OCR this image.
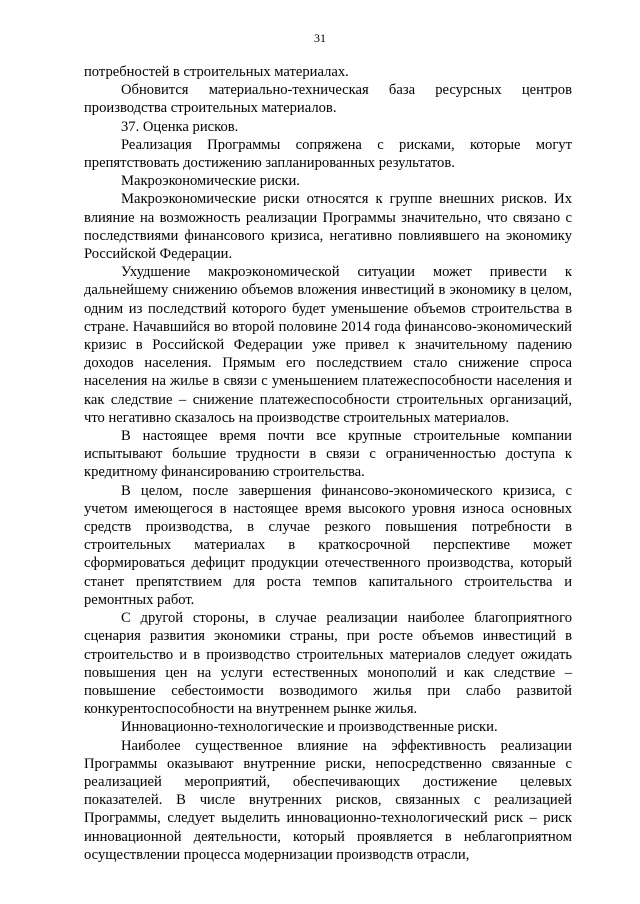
31

потребностей в строительных материалах.

Обновится материально-техническая база ресурсных центров производства строительных материалов.

37. Оценка рисков.

Реализация Программы сопряжена с рисками, которые могут препятствовать достижению запланированных результатов.

Макроэкономические риски.

Макроэкономические риски относятся к группе внешних рисков. Их влияние на возможность реализации Программы значительно, что связано с последствиями финансового кризиса, негативно повлиявшего на экономику Российской Федерации.

Ухудшение макроэкономической ситуации может привести к дальнейшему снижению объемов вложения инвестиций в экономику в целом, одним из последствий которого будет уменьшение объемов строительства в стране. Начавшийся во второй половине 2014 года финансово-экономический кризис в Российской Федерации уже привел к значительному падению доходов населения. Прямым его последствием стало снижение спроса населения на жилье в связи с уменьшением платежеспособности населения и как следствие – снижение платежеспособности строительных организаций, что негативно сказалось на производстве строительных материалов.

В настоящее время почти все крупные строительные компании испытывают большие трудности в связи с ограниченностью доступа к кредитному финансированию строительства.

В целом, после завершения финансово-экономического кризиса, с учетом имеющегося в настоящее время высокого уровня износа основных средств производства, в случае резкого повышения потребности в строительных материалах в краткосрочной перспективе может сформироваться дефицит продукции отечественного производства, который станет препятствием для роста темпов капитального строительства и ремонтных работ.

С другой стороны, в случае реализации наиболее благоприятного сценария развития экономики страны, при росте объемов инвестиций в строительство и в производство строительных материалов следует ожидать повышения цен на услуги естественных монополий и как следствие – повышение себестоимости возводимого жилья при слабо развитой конкурентоспособности на внутреннем рынке жилья.

Инновационно-технологические и производственные риски.

Наиболее существенное влияние на эффективность реализации Программы оказывают внутренние риски, непосредственно связанные с реализацией мероприятий, обеспечивающих достижение целевых показателей. В числе внутренних рисков, связанных с реализацией Программы, следует выделить инновационно-технологический риск – риск инновационной деятельности, который проявляется в неблагоприятном осуществлении процесса модернизации производств отрасли,
